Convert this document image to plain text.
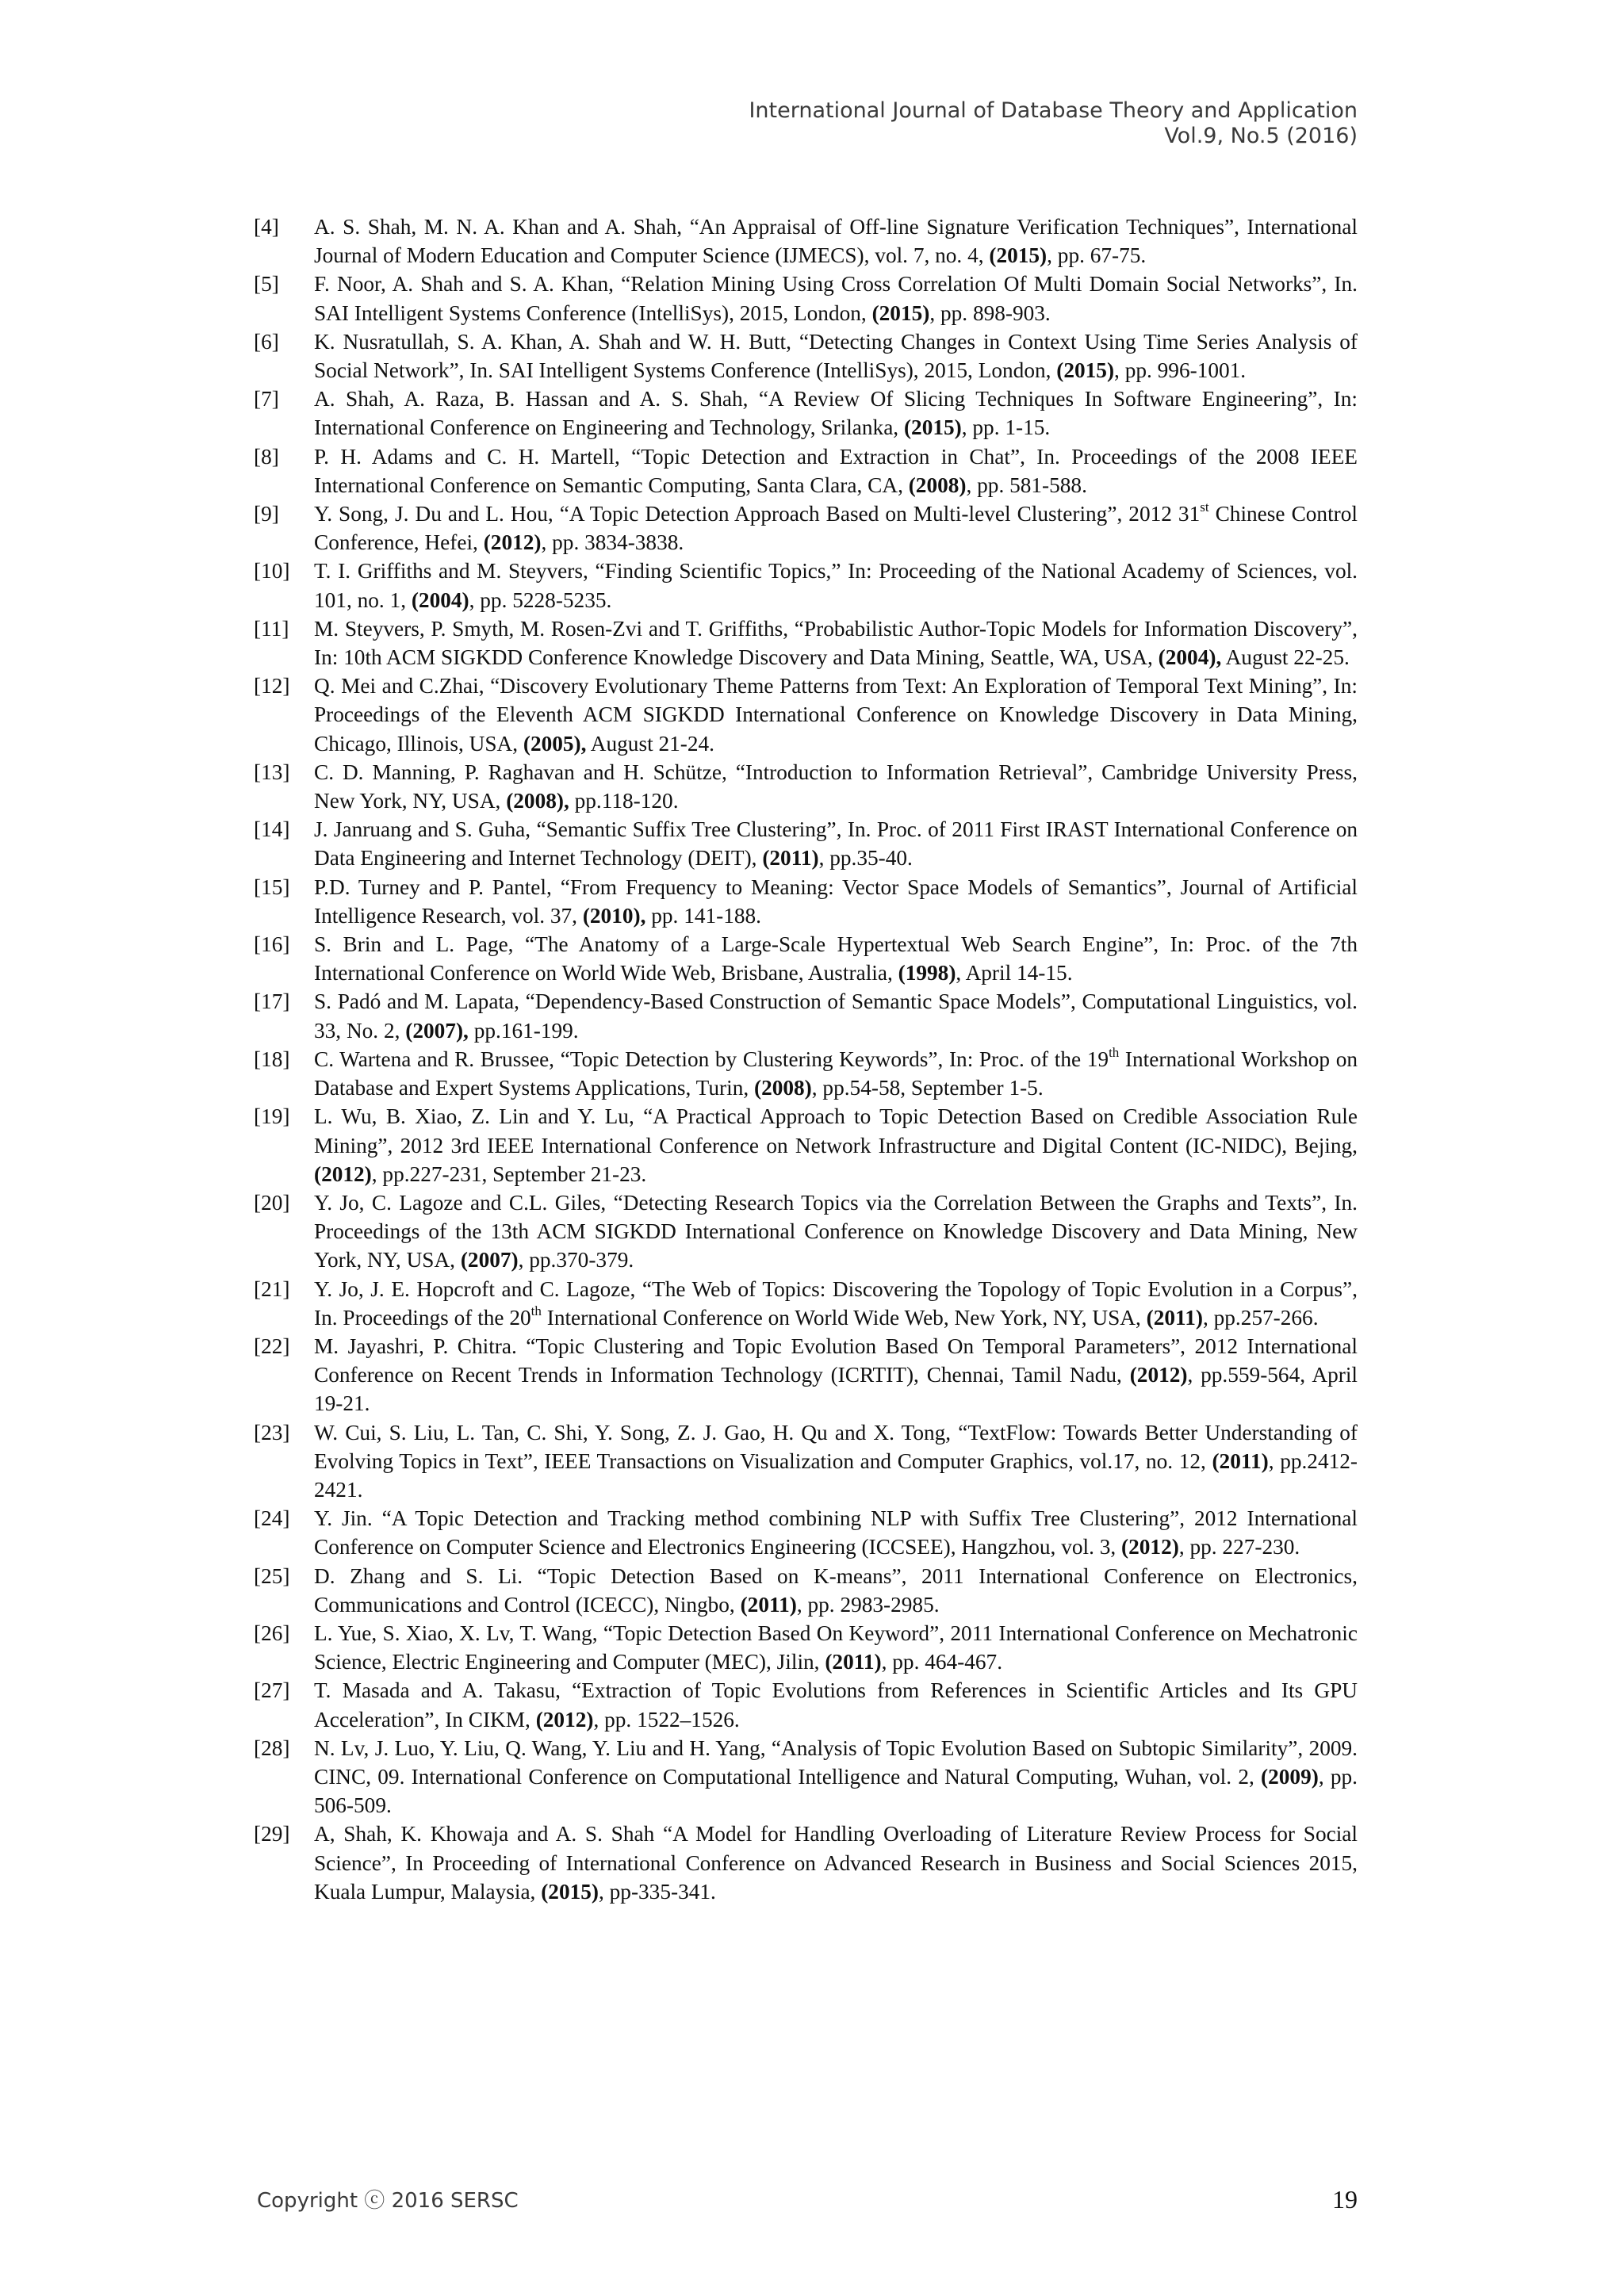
International Journal of Database Theory and Application
Vol.9, No.5 (2016)
[4] A. S. Shah, M. N. A. Khan and A. Shah, “An Appraisal of Off-line Signature Verification Techniques”, International Journal of Modern Education and Computer Science (IJMECS), vol. 7, no. 4, (2015), pp. 67-75.
[5] F. Noor, A. Shah and S. A. Khan, “Relation Mining Using Cross Correlation Of Multi Domain Social Networks”, In. SAI Intelligent Systems Conference (IntelliSys), 2015, London, (2015), pp. 898-903.
[6] K. Nusratullah, S. A. Khan, A. Shah and W. H. Butt, “Detecting Changes in Context Using Time Series Analysis of Social Network”, In. SAI Intelligent Systems Conference (IntelliSys), 2015, London, (2015), pp. 996-1001.
[7] A. Shah, A. Raza, B. Hassan and A. S. Shah, “A Review Of Slicing Techniques In Software Engineering”, In: International Conference on Engineering and Technology, Srilanka, (2015), pp. 1-15.
[8] P. H. Adams and C. H. Martell, “Topic Detection and Extraction in Chat”, In. Proceedings of the 2008 IEEE International Conference on Semantic Computing, Santa Clara, CA, (2008), pp. 581-588.
[9] Y. Song, J. Du and L. Hou, “A Topic Detection Approach Based on Multi-level Clustering”, 2012 31st Chinese Control Conference, Hefei, (2012), pp. 3834-3838.
[10] T. I. Griffiths and M. Steyvers, “Finding Scientific Topics,” In: Proceeding of the National Academy of Sciences, vol. 101, no. 1, (2004), pp. 5228-5235.
[11] M. Steyvers, P. Smyth, M. Rosen-Zvi and T. Griffiths, “Probabilistic Author-Topic Models for Information Discovery”, In: 10th ACM SIGKDD Conference Knowledge Discovery and Data Mining, Seattle, WA, USA, (2004), August 22-25.
[12] Q. Mei and C.Zhai, “Discovery Evolutionary Theme Patterns from Text: An Exploration of Temporal Text Mining”, In: Proceedings of the Eleventh ACM SIGKDD International Conference on Knowledge Discovery in Data Mining, Chicago, Illinois, USA, (2005), August 21-24.
[13] C. D. Manning, P. Raghavan and H. Schütze, “Introduction to Information Retrieval”, Cambridge University Press, New York, NY, USA, (2008), pp.118-120.
[14] J. Janruang and S. Guha, “Semantic Suffix Tree Clustering”, In. Proc. of 2011 First IRAST International Conference on Data Engineering and Internet Technology (DEIT), (2011), pp.35-40.
[15] P.D. Turney and P. Pantel, “From Frequency to Meaning: Vector Space Models of Semantics”, Journal of Artificial Intelligence Research, vol. 37, (2010), pp. 141-188.
[16] S. Brin and L. Page, “The Anatomy of a Large-Scale Hypertextual Web Search Engine”, In: Proc. of the 7th International Conference on World Wide Web, Brisbane, Australia, (1998), April 14-15.
[17] S. Padó and M. Lapata, “Dependency-Based Construction of Semantic Space Models”, Computational Linguistics, vol. 33, No. 2, (2007), pp.161-199.
[18] C. Wartena and R. Brussee, “Topic Detection by Clustering Keywords”, In: Proc. of the 19th International Workshop on Database and Expert Systems Applications, Turin, (2008), pp.54-58, September 1-5.
[19] L. Wu, B. Xiao, Z. Lin and Y. Lu, “A Practical Approach to Topic Detection Based on Credible Association Rule Mining”, 2012 3rd IEEE International Conference on Network Infrastructure and Digital Content (IC-NIDC), Bejing, (2012), pp.227-231, September 21-23.
[20] Y. Jo, C. Lagoze and C.L. Giles, “Detecting Research Topics via the Correlation Between the Graphs and Texts”, In. Proceedings of the 13th ACM SIGKDD International Conference on Knowledge Discovery and Data Mining, New York, NY, USA, (2007), pp.370-379.
[21] Y. Jo, J. E. Hopcroft and C. Lagoze, “The Web of Topics: Discovering the Topology of Topic Evolution in a Corpus”, In. Proceedings of the 20th International Conference on World Wide Web, New York, NY, USA, (2011), pp.257-266.
[22] M. Jayashri, P. Chitra. “Topic Clustering and Topic Evolution Based On Temporal Parameters”, 2012 International Conference on Recent Trends in Information Technology (ICRTIT), Chennai, Tamil Nadu, (2012), pp.559-564, April 19-21.
[23] W. Cui, S. Liu, L. Tan, C. Shi, Y. Song, Z. J. Gao, H. Qu and X. Tong, “TextFlow: Towards Better Understanding of Evolving Topics in Text”, IEEE Transactions on Visualization and Computer Graphics, vol.17, no. 12, (2011), pp.2412-2421.
[24] Y. Jin. “A Topic Detection and Tracking method combining NLP with Suffix Tree Clustering”, 2012 International Conference on Computer Science and Electronics Engineering (ICCSEE), Hangzhou, vol. 3, (2012), pp. 227-230.
[25] D. Zhang and S. Li. “Topic Detection Based on K-means”, 2011 International Conference on Electronics, Communications and Control (ICECC), Ningbo, (2011), pp. 2983-2985.
[26] L. Yue, S. Xiao, X. Lv, T. Wang, “Topic Detection Based On Keyword”, 2011 International Conference on Mechatronic Science, Electric Engineering and Computer (MEC), Jilin, (2011), pp. 464-467.
[27] T. Masada and A. Takasu, “Extraction of Topic Evolutions from References in Scientific Articles and Its GPU Acceleration”, In CIKM, (2012), pp. 1522–1526.
[28] N. Lv, J. Luo, Y. Liu, Q. Wang, Y. Liu and H. Yang, “Analysis of Topic Evolution Based on Subtopic Similarity”, 2009. CINC, 09. International Conference on Computational Intelligence and Natural Computing, Wuhan, vol. 2, (2009), pp. 506-509.
[29] A, Shah, K. Khowaja and A. S. Shah “A Model for Handling Overloading of Literature Review Process for Social Science”, In Proceeding of International Conference on Advanced Research in Business and Social Sciences 2015, Kuala Lumpur, Malaysia, (2015), pp-335-341.
Copyright ⓒ 2016 SERSC	19
